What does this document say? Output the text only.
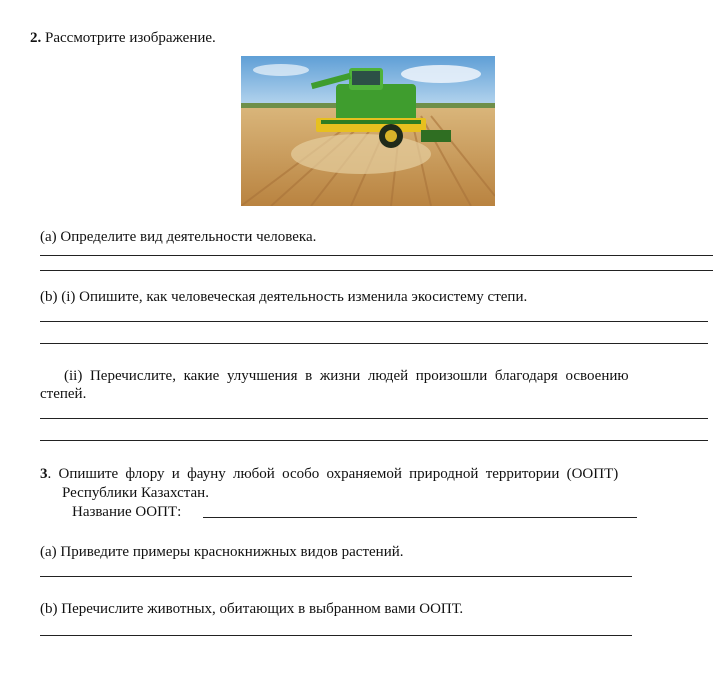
2. Рассмотрите изображение.
(a) Определите вид деятельности человека.
(b) (i) Опишите, как человеческая деятельность изменила экосистему степи.
(ii) Перечислите, какие улучшения в жизни людей произошли благодаря освоению
степей.
3. Опишите флору и фауну любой особо охраняемой природной территории (ООПТ)
Республики Казахстан.
Название ООПТ:
(a) Приведите примеры краснокнижных видов растений.
(b) Перечислите животных, обитающих в выбранном вами ООПТ.
